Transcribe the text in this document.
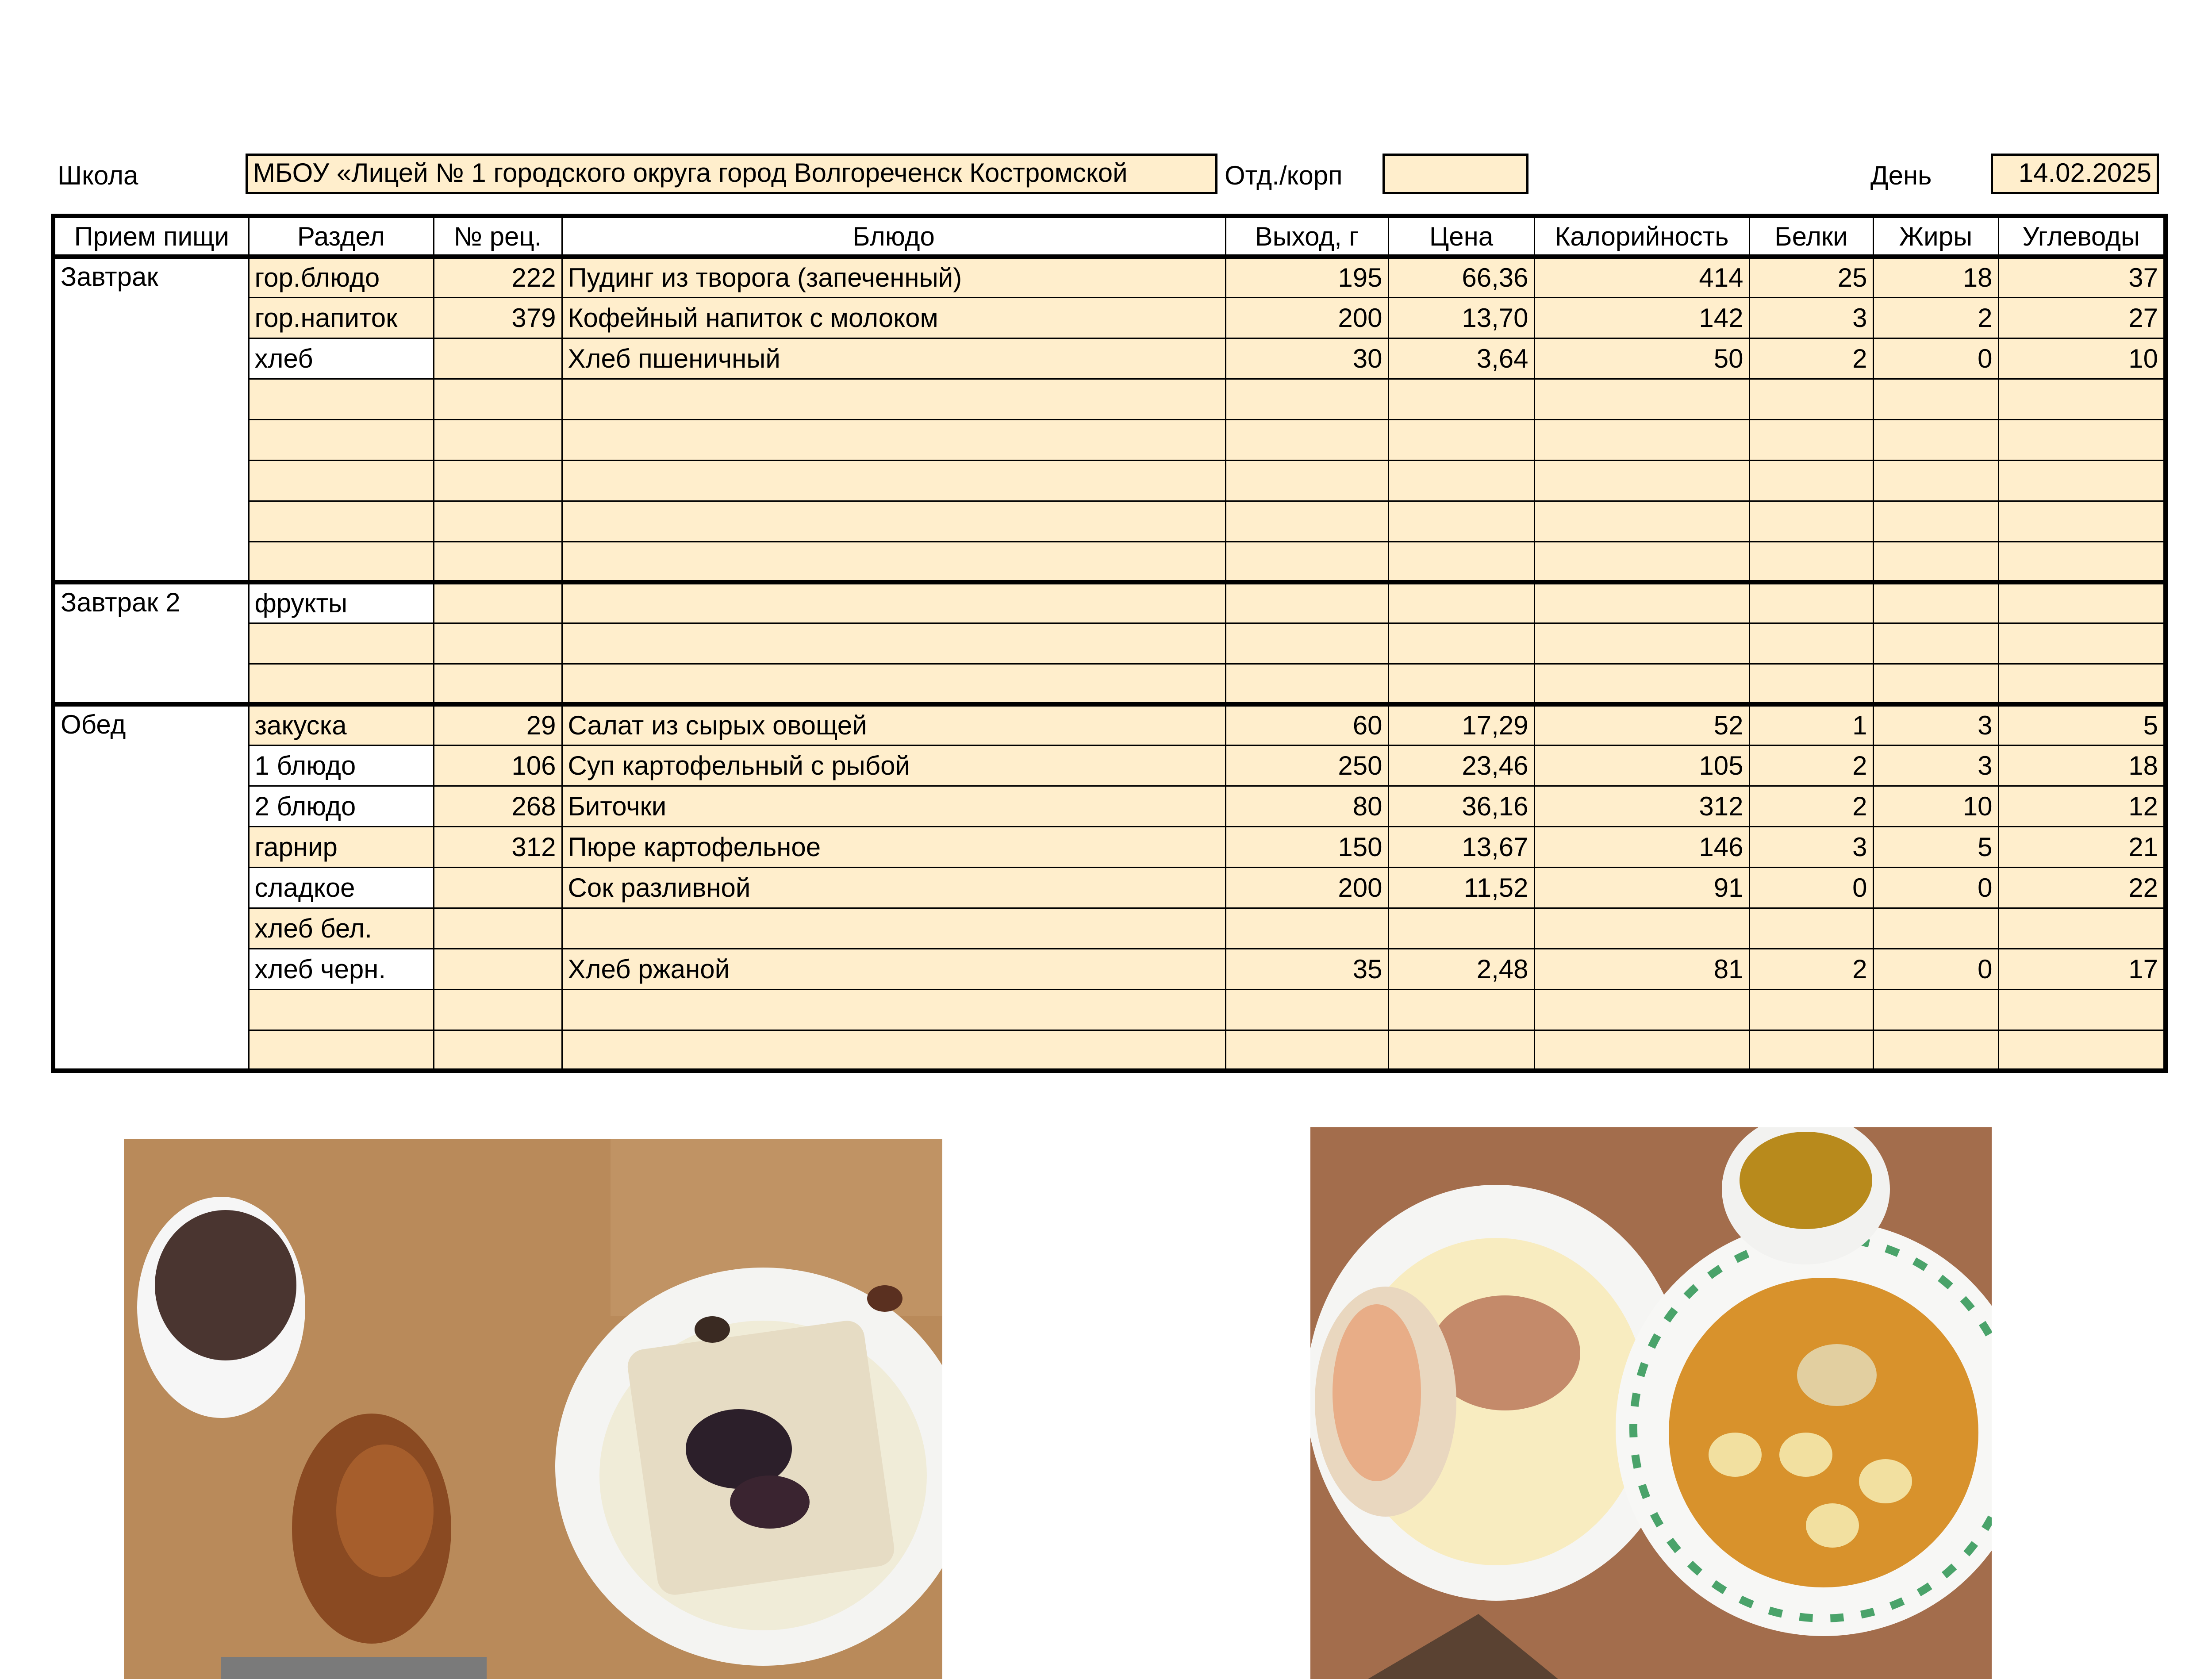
Школа	МБОУ «Лицей № 1 городского округа город Волгореченск Костромской	Отд./корп	День	14.02.2025
Прием пищи	Раздел	№ рец.	Блюдо	Выход, г	Цена	Калорийность	Белки	Жиры	Углеводы
Завтрак	гор.блюдо	222	Пудинг из творога (запеченный)	195	66,36	414	25	18	37
	гор.напиток	379	Кофейный напиток с молоком	200	13,70	142	3	2	27
	хлеб		Хлеб пшеничный	30	3,64	50	2	0	10

Завтрак 2	фрукты								

Обед	закуска	29	Салат из сырых овощей	60	17,29	52	1	3	5
	1 блюдо	106	Суп картофельный с рыбой	250	23,46	105	2	3	18
	2 блюдо	268	Биточки	80	36,16	312	2	10	12
	гарнир	312	Пюре картофельное	150	13,67	146	3	5	21
	сладкое		Сок разливной	200	11,52	91	0	0	22
	хлеб бел.								
	хлеб черн.		Хлеб ржаной	35	2,48	81	2	0	17
